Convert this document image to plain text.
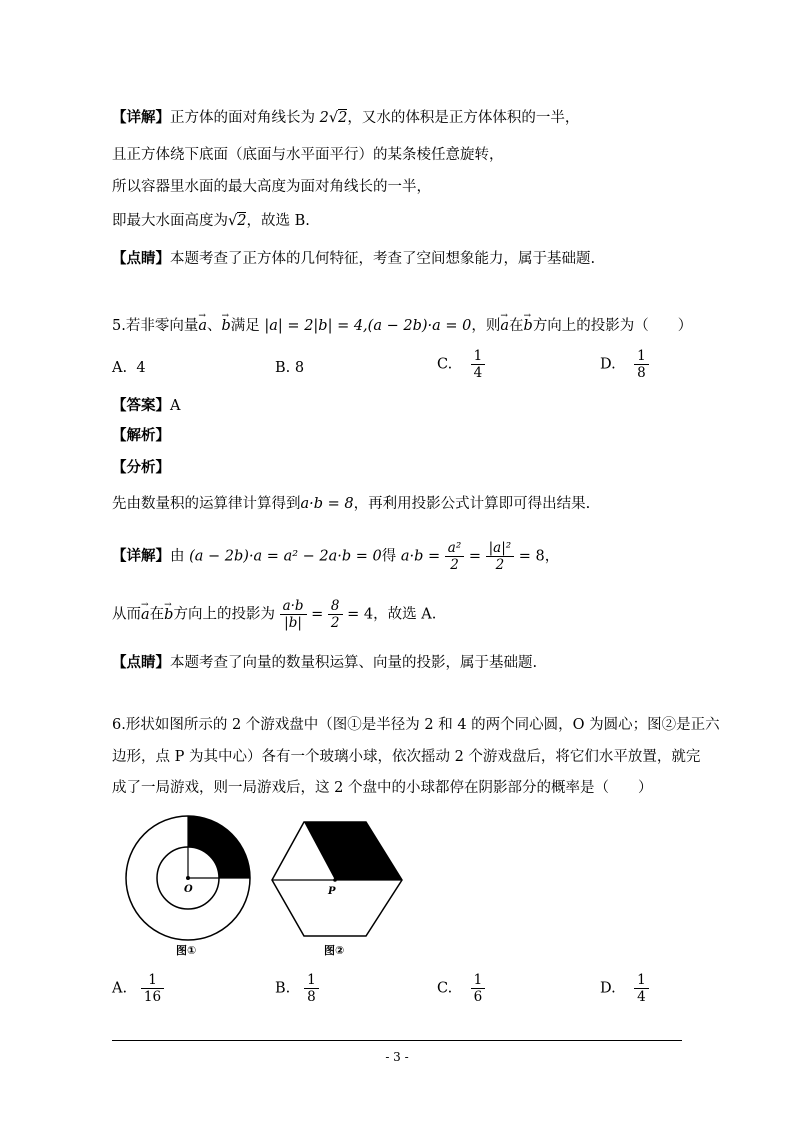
【详解】正方体的面对角线长为 2√2，又水的体积是正方体体积的一半，
且正方体绕下底面（底面与水平面平行）的某条棱任意旋转，
所以容器里水面的最大高度为面对角线长的一半，
即最大水面高度为√2，故选 B.
【点睛】本题考查了正方体的几何特征，考查了空间想象能力，属于基础题.
5.若非零向量→ a、→ b满足 |a| = 2|b| = 4,(a − 2b)·a = 0，则→ a在→ b方向上的投影为（　　）
A. 4	B. 8	C. $\frac{1}{4}$	D. $\frac{1}{8}$
【答案】A
【解析】
【分析】
先由数量积的运算律计算得到a·b = 8，再利用投影公式计算即可得出结果.
【详解】由 (a − 2b)·a = a² − 2a·b = 0得 $a\cdot b = \frac{\text{a²}}{2} = \frac{\text{|a|²}}{2} = 8$，
从而→ a在→ b方向上的投影为 $\frac{a\cdot b}{|b|} = \frac{8}{2} = 4$，故选 A.
【点睛】本题考查了向量的数量积运算、向量的投影，属于基础题.
6.形状如图所示的 2 个游戏盘中（图①是半径为 2 和 4 的两个同心圆，O 为圆心；图②是正六
边形，点 P 为其中心）各有一个玻璃小球，依次摇动 2 个游戏盘后，将它们水平放置，就完
成了一局游戏，则一局游戏后，这 2 个盘中的小球都停在阴影部分的概率是（　　）
O
图①
P
图②
A. $\frac{1}{16}$	B. $\frac{1}{8}$	C. $\frac{1}{6}$	D. $\frac{1}{4}$
- 3 -
